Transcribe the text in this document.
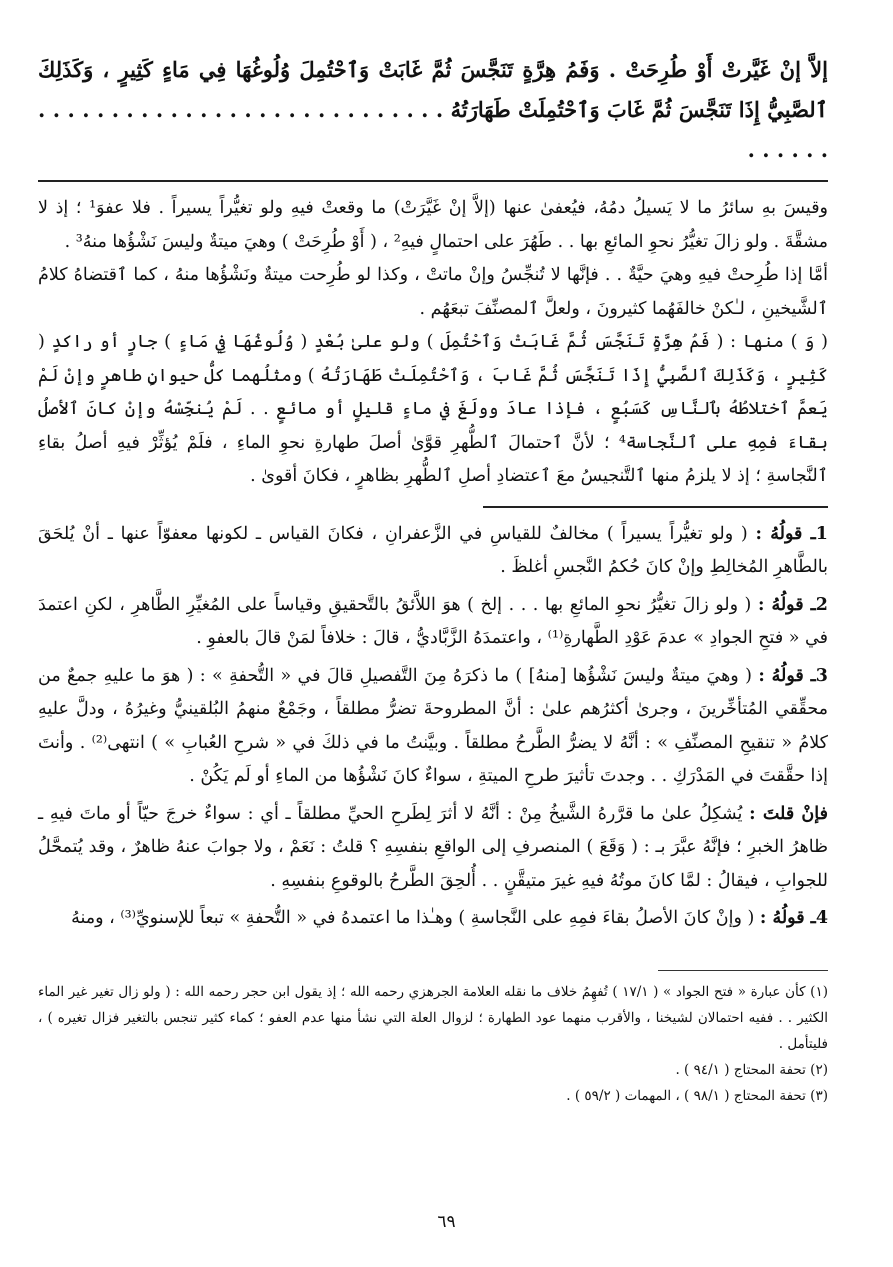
إلاَّ إنْ غَيَّرتْ أَوْ طُرِحَتْ . وَفَمُ هِرَّةٍ تَنَجَّسَ ثُمَّ غَابَتْ وَٱحْتُمِلَ وُلُوغُهَا فِي مَاءٍ كَثِيرٍ ، وَكَذَلِكَ ٱلصَّبِيُّ إِذَا تَنَجَّسَ ثُمَّ غَابَ وَٱحْتُمِلَتْ طَهَارَتُهُ . . . . . . . . . . . . . . . . . . . . . . . . . . . . . . . . . .

وقيسَ بهِ سائرُ ما لا يَسيلُ دمُهُ، فيُعفىٰ عنها (إلاَّ إنْ غَيَّرَتْ) ما وقعتْ فيهِ ولو تغيُّراً يسيراً . فلا عفوَ¹ ؛ إذ لا مشقَّةَ . ولو زالَ تغيُّرُ نحوِ المائعِ بها . . طَهُرَ على احتمالٍ فيهِ² ، ( أَوْ طُرِحَتْ ) وهيَ ميتةٌ وليسَ نَشْؤُها منهُ³ .

أمَّا إذا طُرِحتْ فيهِ وهيَ حيَّةٌ . . فإنَّها لا تُنجِّسُ وإنْ ماتتْ ، وكذا لو طُرِحت ميتةٌ ونَشْؤُها منهُ ، كما ٱقتضاهُ كلامُ ٱلشَّيخينِ ، لـٰكنْ خالفَهُما كثيرونَ ، ولعلَّ ٱلمصنِّفَ تبعَهُم .

( وَ ) منها : ( فَمُ هِرَّةٍ تَنَجَّسَ ثُمَّ غَابَتْ وَٱحْتُمِلَ ) ولو علىٰ بُعْدٍ ( وُلُوغُهَا فِي مَاءٍ ) جارٍ أو راكدٍ ( كَثِيرٍ ، وَكَذَلِكَ ٱلصَّبِيُّ إِذَا تَنَجَّسَ ثُمَّ غَابَ ، وَٱحْتُمِلَتْ طَهَارَتُهُ ) ومثلُهما كلُّ حيوانٍ طاهرٍ وإنْ لَمْ يَعمَّ ٱختلاطُهُ بٱلنَّاسِ كَسَبُعٍ ، فإذا عادَ وولَغَ في ماءٍ قليلٍ أو مائعٍ . . لَمْ يُنجِّسْهُ وإنْ كانَ ٱلأصلُ بقاءَ فمِهِ على ٱلنَّجاسة⁴ ؛ لأنَّ ٱحتمالَ ٱلطُّهرِ قوَّىٰ أصلَ طهارةِ نحوِ الماءِ ، فلَمْ يُؤثِّرْ فيهِ أصلُ بقاءِ ٱلنَّجاسةِ ؛ إذ لا يلزمُ منها ٱلتَّنجيسُ معَ ٱعتضادِ أصلِ ٱلطُّهرِ بظاهرٍ ، فكانَ أقوىٰ .

1ـ قولُهُ : ( ولو تغيُّراً يسيراً ) مخالفٌ للقياسِ في الزَّعفرانِ ، فكانَ القياس ـ لكونها معفوّاً عنها ـ أنْ يُلحَقَ بالطَّاهرِ المُخالِطِ وإنْ كانَ حُكمُ النَّجسِ أغلظَ .

2ـ قولُهُ : ( ولو زالَ تغيُّرُ نحوِ المائعِ بها . . . إلخ ) هوَ اللاَّئقُ بالتَّحقيقِ وقياساً على المُغيِّرِ الطَّاهرِ ، لكنِ اعتمدَ في « فتحِ الجوادِ » عدمَ عَوْدِ الطَّهارةِ⁽¹⁾ ، واعتمدَهُ الزَّبَّاديُّ ، قالَ : خلافاً لمَنْ قالَ بالعفوِ .

3ـ قولُهُ : ( وهيَ ميتةٌ وليسَ نَشْؤُها [منهُ] ) ما ذكرَهُ مِنَ التَّفصيلِ قالَ في « التُّحفةِ » : ( هوَ ما عليهِ جمعٌ من محقِّقي المُتأخِّرينَ ، وجرىٰ أكثرُهم علىٰ : أنَّ المطروحةَ تضرُّ مطلقاً ، وجَمْعٌ منهمُ البُلقينيُّ وغيرُهُ ، ودلَّ عليهِ كلامُ « تنقيحِ المصنِّفِ » : أنَّهُ لا يضرُّ الطَّرحُ مطلقاً . وبيَّنتُ ما في ذلكَ في « شرحِ العُبابِ » ) انتهى⁽²⁾ . وأنتَ إذا حقَّقتَ في المَدْرَكِ . . وجدتَ تأثيرَ طرحِ الميتةِ ، سواءٌ كانَ نَشْؤُها من الماءِ أو لَم يَكُنْ .

فإنْ قلتَ : يُشكِلُ علىٰ ما قرَّرهُ الشَّيخُ مِنْ : أنَّهُ لا أثرَ لِطَرحِ الحيِّ مطلقاً ـ أي : سواءٌ خرجَ حيّاً أو ماتَ فيهِ ـ ظاهرُ الخبرِ ؛ فإنَّهُ عبَّرَ بـ : ( وَقَعَ ) المنصرفِ إلى الواقعِ بنفسِهِ ؟ قلتُ : نَعَمْ ، ولا جوابَ عنهُ ظاهرٌ ، وقد يُتمحَّلُ للجوابِ ، فيقالُ : لمَّا كانَ موتُهُ فيهِ غيرَ متيقَّنٍ . . أُلحِقَ الطَّرحُ بالوقوعِ بنفسِهِ .

4ـ قولُهُ : ( وإنْ كانَ الأصلُ بقاءَ فمِهِ على النَّجاسةِ ) وهـٰذا ما اعتمدهُ في « التُّحفةِ » تبعاً للإسنويِّ⁽³⁾ ، ومنهُ

(١) كأن عبارة « فتح الجواد » ( ١٧/١ ) تُفهِمُ خلاف ما نقله العلامة الجرهزي رحمه الله ؛ إذ يقول ابن حجر رحمه الله : ( ولو زال تغير غير الماء الكثير . . ففيه احتمالان لشيخنا ، والأقرب منهما عود الطهارة ؛ لزوال العلة التي نشأ منها عدم العفو ؛ كماء كثير تنجس بالتغير فزال تغيره ) ، فليتأمل .

(٢) تحفة المحتاج ( ٩٤/١ ) .

(٣) تحفة المحتاج ( ٩٨/١ ) ، المهمات ( ٥٩/٢ ) .

٦٩
